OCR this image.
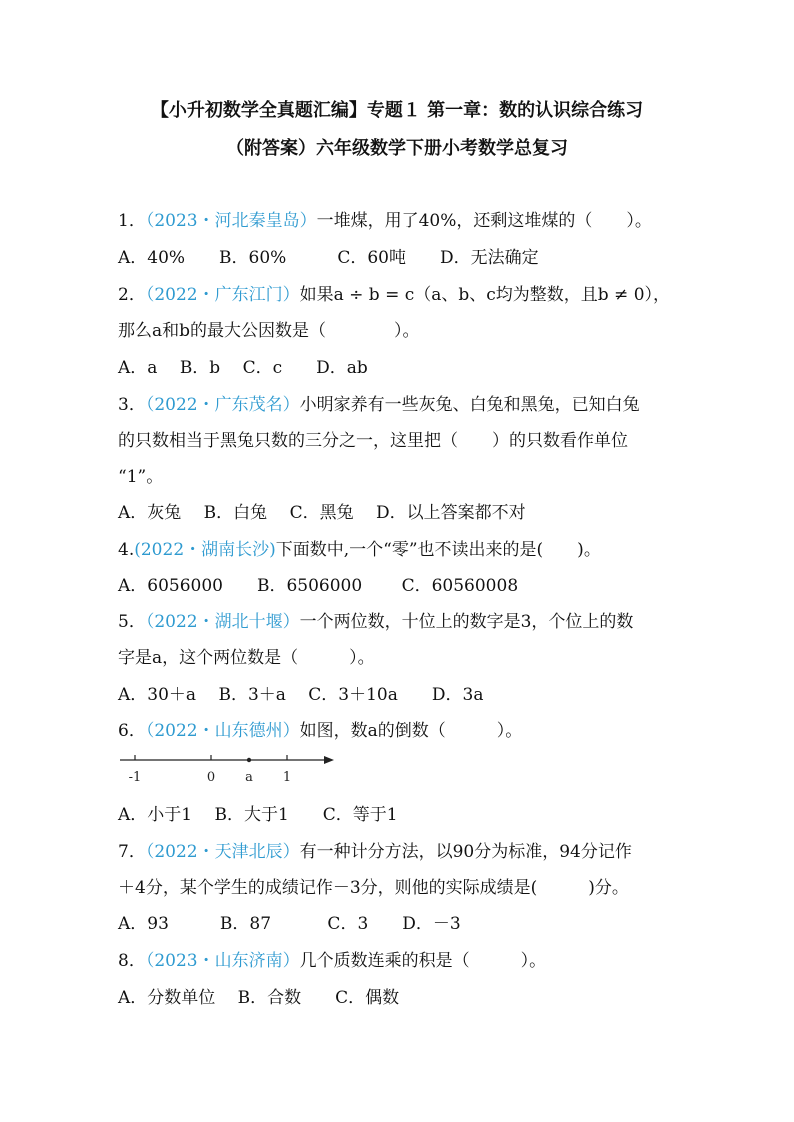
【小升初数学全真题汇编】专题１ 第一章：数的认识综合练习
（附答案）六年级数学下册小考数学总复习
1．（2023・河北秦皇岛）一堆煤，用了40%，还剩这堆煤的（　　）。
A．40%　　B．60%　　　C．60吨　　D．无法确定
2．（2022・广东江门）如果a ÷ b = c（a、b、c均为整数，且b ≠ 0），
那么a和b的最大公因数是（　　　　）。
A．a　 B．b　 C．c　　D．ab
3．（2022・广东茂名）小明家养有一些灰兔、白兔和黑兔，已知白兔
的只数相当于黑兔只数的三分之一，这里把（　　）的只数看作单位
“1”。
A．灰兔　 B．白兔　 C．黑兔　 D．以上答案都不对
4.(2022・湖南长沙)下面数中,一个“零”也不读出来的是(　　)。
A．6056000　　B．6506000　　 C．60560008
5．（2022・湖北十堰）一个两位数，十位上的数字是3，个位上的数
字是a，这个两位数是（　　　）。
A．30＋a　 B．3＋a　 C．3＋10a　　D．3a
6．（2022・山东德州）如图，数a的倒数（　　　）。
-1	0 a 1
A．小于1　 B．大于1　　C．等于1
7．（2022・天津北辰）有一种计分方法，以90分为标准，94分记作
＋4分，某个学生的成绩记作－3分，则他的实际成绩是(　　　)分。
A．93　　　B．87　　　 C．3　　D．－3
8．（2023・山东济南）几个质数连乘的积是（　　　）。
A．分数单位　 B．合数　　C．偶数
